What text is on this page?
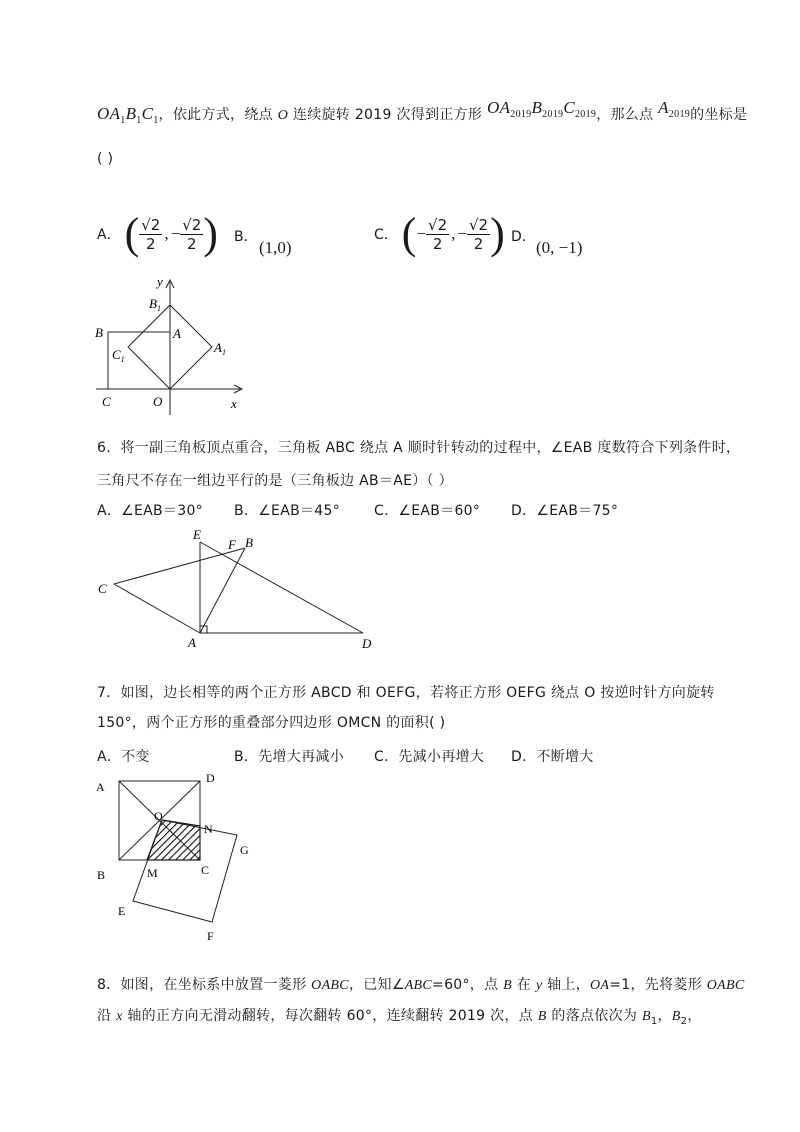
$OA_1B_1C_1$，依此方式，绕点 O 连续旋转 2019 次得到正方形 $OA_{2019}B_{2019}C_{2019}$，那么点 $A_{2019}$的坐标是
( )
A． ( $\frac{√2}{2}$ , − $\frac{√2}{2}$ ) B．
(1,0)
C． ( − $\frac{√2}{2}$ , − $\frac{√2}{2}$ ) D．
(0, −1)
y
$B_1$
A
B
$C_1$
$A_1$
C	O	x
6．将一副三角板顶点重合，三角板 ABC 绕点 A 顺时针转动的过程中，∠EAB 度数符合下列条件时，
三角尺不存在一组边平行的是（三角板边 AB＝AE）（ ）
A．∠EAB＝30° B．∠EAB＝45° C．∠EAB＝60° D．∠EAB＝75°
E
F B
C
A	D
7．如图，边长相等的两个正方形 ABCD 和 OEFG，若将正方形 OEFG 绕点 O 按逆时针方向旋转
150°，两个正方形的重叠部分四边形 OMCN 的面积( )
A．不变	B．先增大再减小 C．先减小再增大 D．不断增大
A
D
O
N
G
B	M	C
E
F
8．如图，在坐标系中放置一菱形 OABC，已知∠ABC=60°，点 B 在 y 轴上，OA=1，先将菱形 OABC
沿 x 轴的正方向无滑动翻转，每次翻转 60°，连续翻转 2019 次，点 B 的落点依次为 $B_1$，$B_2$，
